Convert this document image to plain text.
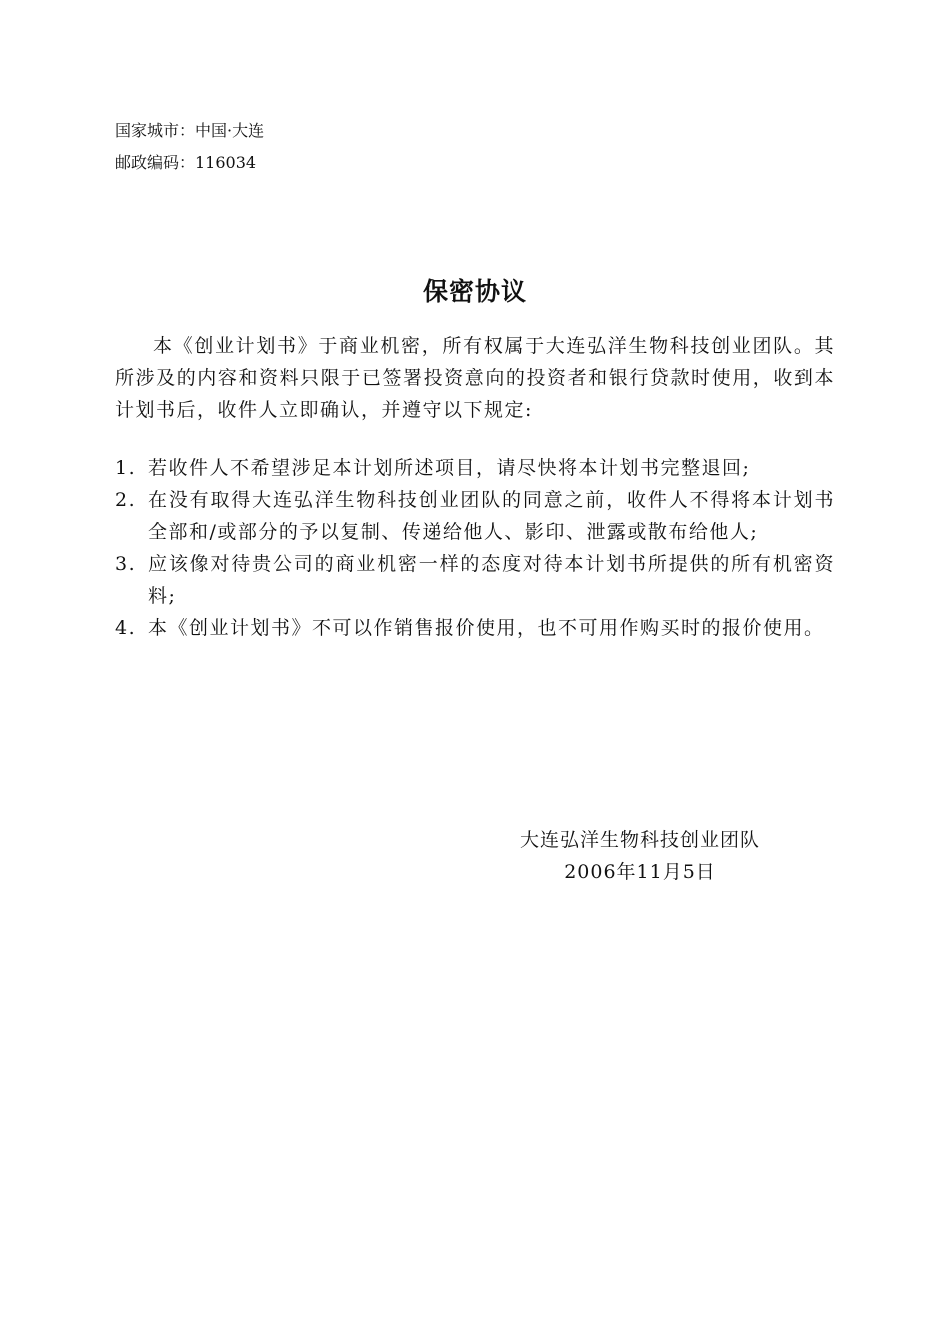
国家城市：中国·大连
邮政编码：116034
保密协议

本《创业计划书》于商业机密，所有权属于大连弘洋生物科技创业团队。其所涉及的内容和资料只限于已签署投资意向的投资者和银行贷款时使用，收到本计划书后，收件人立即确认，并遵守以下规定:

1. 若收件人不希望涉足本计划所述项目，请尽快将本计划书完整退回;
2. 在没有取得大连弘洋生物科技创业团队的同意之前，收件人不得将本计划书全部和/或部分的予以复制、传递给他人、影印、泄露或散布给他人;
3. 应该像对待贵公司的商业机密一样的态度对待本计划书所提供的所有机密资料;
4. 本《创业计划书》不可以作销售报价使用，也不可用作购买时的报价使用。
大连弘洋生物科技创业团队
2006年11月5日
